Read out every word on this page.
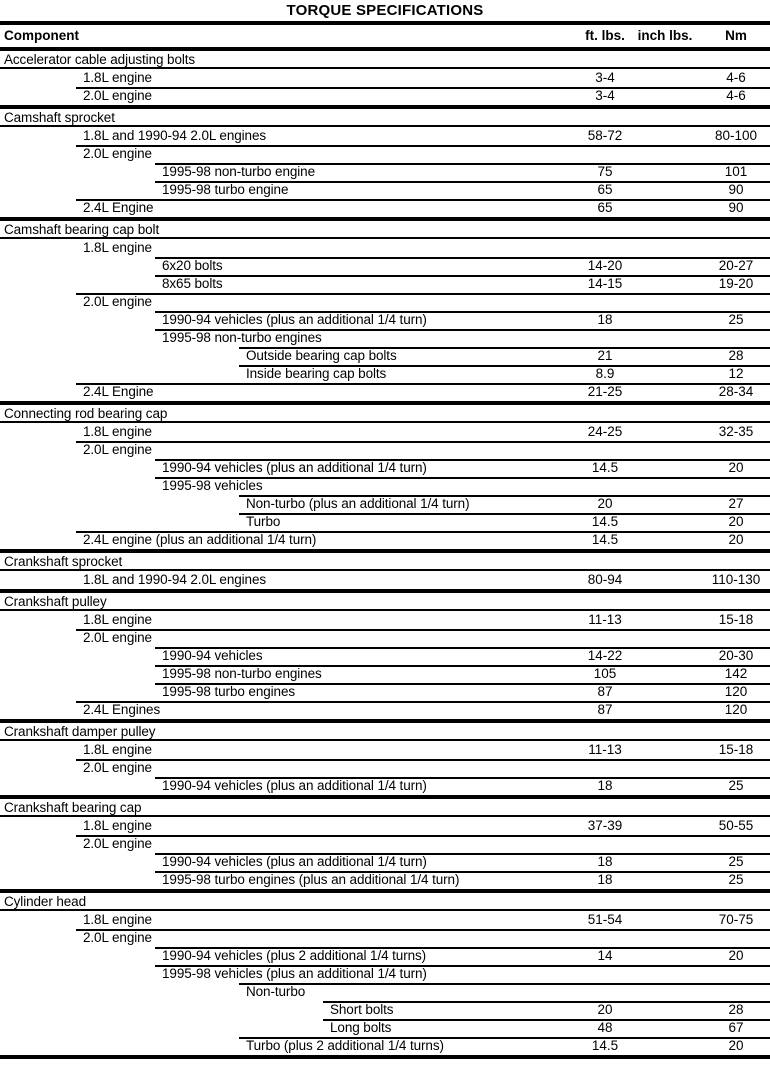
TORQUE SPECIFICATIONS
Component	ft. lbs. inch lbs.	Nm
Accelerator cable adjusting bolts
1.8L engine	3-4	4-6
2.0L engine	3-4	4-6
Camshaft sprocket
1.8L and 1990-94 2.0L engines	58-72	80-100
2.0L engine
1995-98 non-turbo engine	75	101
1995-98 turbo engine	65	90
2.4L Engine	65	90
Camshaft bearing cap bolt
1.8L engine
6x20 bolts	14-20	20-27
8x65 bolts	14-15	19-20
2.0L engine
1990-94 vehicles (plus an additional 1/4 turn)	18	25
1995-98 non-turbo engines
Outside bearing cap bolts	21	28
Inside bearing cap bolts	8.9	12
2.4L Engine	21-25	28-34
Connecting rod bearing cap
1.8L engine	24-25	32-35
2.0L engine
1990-94 vehicles (plus an additional 1/4 turn)	14.5	20
1995-98 vehicles
Non-turbo (plus an additional 1/4 turn)	20	27
Turbo	14.5	20
2.4L engine (plus an additional 1/4 turn)	14.5	20
Crankshaft sprocket
1.8L and 1990-94 2.0L engines	80-94	110-130
Crankshaft pulley
1.8L engine	11-13	15-18
2.0L engine
1990-94 vehicles	14-22	20-30
1995-98 non-turbo engines	105	142
1995-98 turbo engines	87	120
2.4L Engines	87	120
Crankshaft damper pulley
1.8L engine	11-13	15-18
2.0L engine
1990-94 vehicles (plus an additional 1/4 turn)	18	25
Crankshaft bearing cap
1.8L engine	37-39	50-55
2.0L engine
1990-94 vehicles (plus an additional 1/4 turn)	18	25
1995-98 turbo engines (plus an additional 1/4 turn)	18	25
Cylinder head
1.8L engine	51-54	70-75
2.0L engine
1990-94 vehicles (plus 2 additional 1/4 turns)	14	20
1995-98 vehicles (plus an additional 1/4 turn)
Non-turbo
Short bolts	20	28
Long bolts	48	67
Turbo (plus 2 additional 1/4 turns)	14.5	20
